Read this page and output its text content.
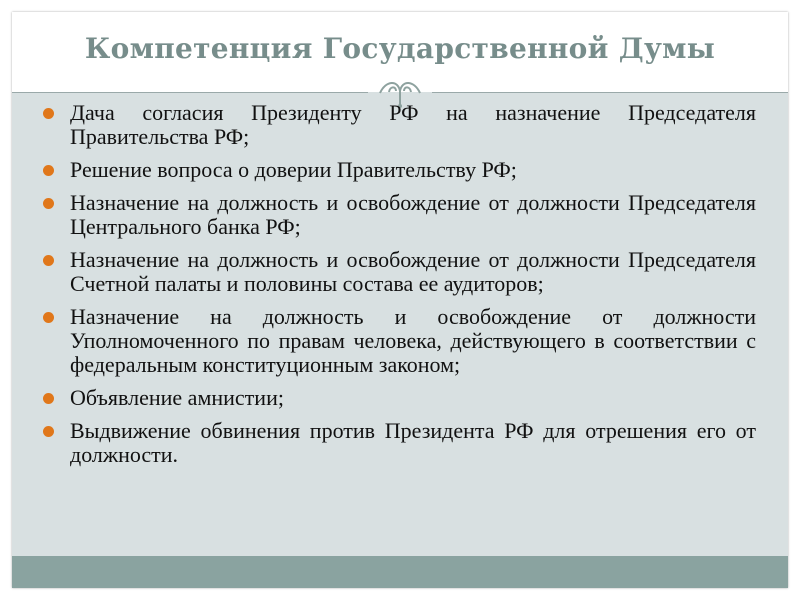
Компетенция Государственной Думы
Дача согласия Президенту РФ на назначение Председателя Правительства РФ;
Решение вопроса о доверии Правительству РФ;
Назначение на должность и освобождение от должности Председателя Центрального банка РФ;
Назначение на должность и освобождение от должности Председателя Счетной палаты и половины состава ее аудиторов;
Назначение на должность и освобождение от должности Уполномоченного по правам человека, действующего в соответствии с федеральным конституционным законом;
Объявление амнистии;
Выдвижение обвинения против Президента РФ для отрешения его от должности.
